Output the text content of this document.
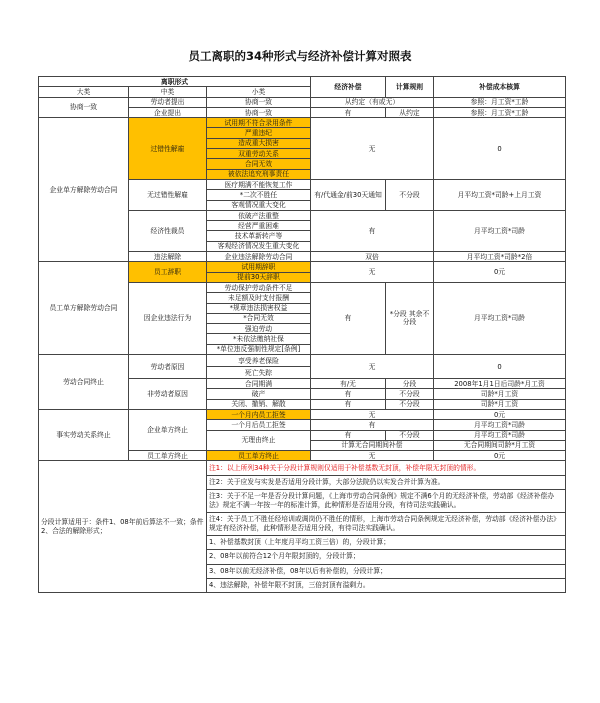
员工离职的34种形式与经济补偿计算对照表
离职形式			经济补偿	计算规则	补偿成本核算
大类	中类	小类			
协商一致	劳动者提出	协商一致	从约定（有或无）		参照：月工资*工龄
	企业提出	协商一致	有	从约定	参照：月工资*工龄
企业单方解除劳动合同	过错性解雇	试用期不符合录用条件	无		0
		严重违纪			
		造成重大损害			
		双重劳动关系			
		合同无效			
		被依法追究刑事责任			
	无过错性解雇	医疗期满不能恢复工作	有/代通金/前30天通知	不分段	月平均工资*司龄+上月工资
		*二次不胜任			
		客观情况重大变化			
	经济性裁员	依破产法重整	有		月平均工资*司龄
		经营严重困难			
		技术革新转产等			
		客观经济情况发生重大变化			
	违法解除	企业违法解除劳动合同	双倍		月平均工资*司龄*2倍
员工单方解除劳动合同	员工辞职	试用期辞职	无		0元
		提前30天辞职			
	因企业违法行为	劳动保护劳动条件不足	有	*分段 其余不分段	月平均工资*司龄
		未足额及时支付报酬			
		*规章违法损害权益			
		*合同无效			
		强迫劳动			
		*未依法缴纳社保			
		*单位违反强制性规定[条例]			
劳动合同终止	劳动者原因	享受养老保险	无		0
		死亡失踪			
	非劳动者原因	合同期满	有/无	分段	2008年1月1日后司龄*月工资
		破产	有	不分段	司龄*月工资
		关闭、撤销、解散	有	不分段	司龄*月工资
事实劳动关系终止	企业单方终止	一个月内员工拒签	无		0元
		一个月后员工拒签	有		月平均工资*司龄
		无理由终止	有	不分段	月平均工资*司龄
			计算无合同期间补偿		无合同期间司龄*月工资
	员工单方终止	员工单方终止	无		0元
分段计算适用于：条件1、08年前后算法不一致；条件2、合法的解除形式；		注1：以上所列34种关于分段计算规则仅适用于补偿基数无封顶，补偿年限无封顶的情形。			
		注2：关于应发与实发是否适用分段计算，大部分法院仍以实发合并计算为准。			
		注3：关于不足一年是否分段计算问题，《上海市劳动合同条例》规定不满6个月的无经济补偿，劳动部《经济补偿办法》规定不满一年按一年的标准计算，此种情形是否适用分段，有待司法实践确认。			
		注4：关于员工不胜任经培训或调岗仍不胜任的情形，上海市劳动合同条例规定无经济补偿，劳动部《经济补偿办法》规定有经济补偿，此种情形是否适用分段，有待司法实践确认。			
		1、补偿基数封顶（上年度月平均工资三倍）的，分段计算；			
		2、08年以前符合12个月年限封顶的，分段计算；			
		3、08年以前无经济补偿，08年以后有补偿的，分段计算；			
		4、违法解除，补偿年限不封顶，三倍封顶有溢剩力。			
